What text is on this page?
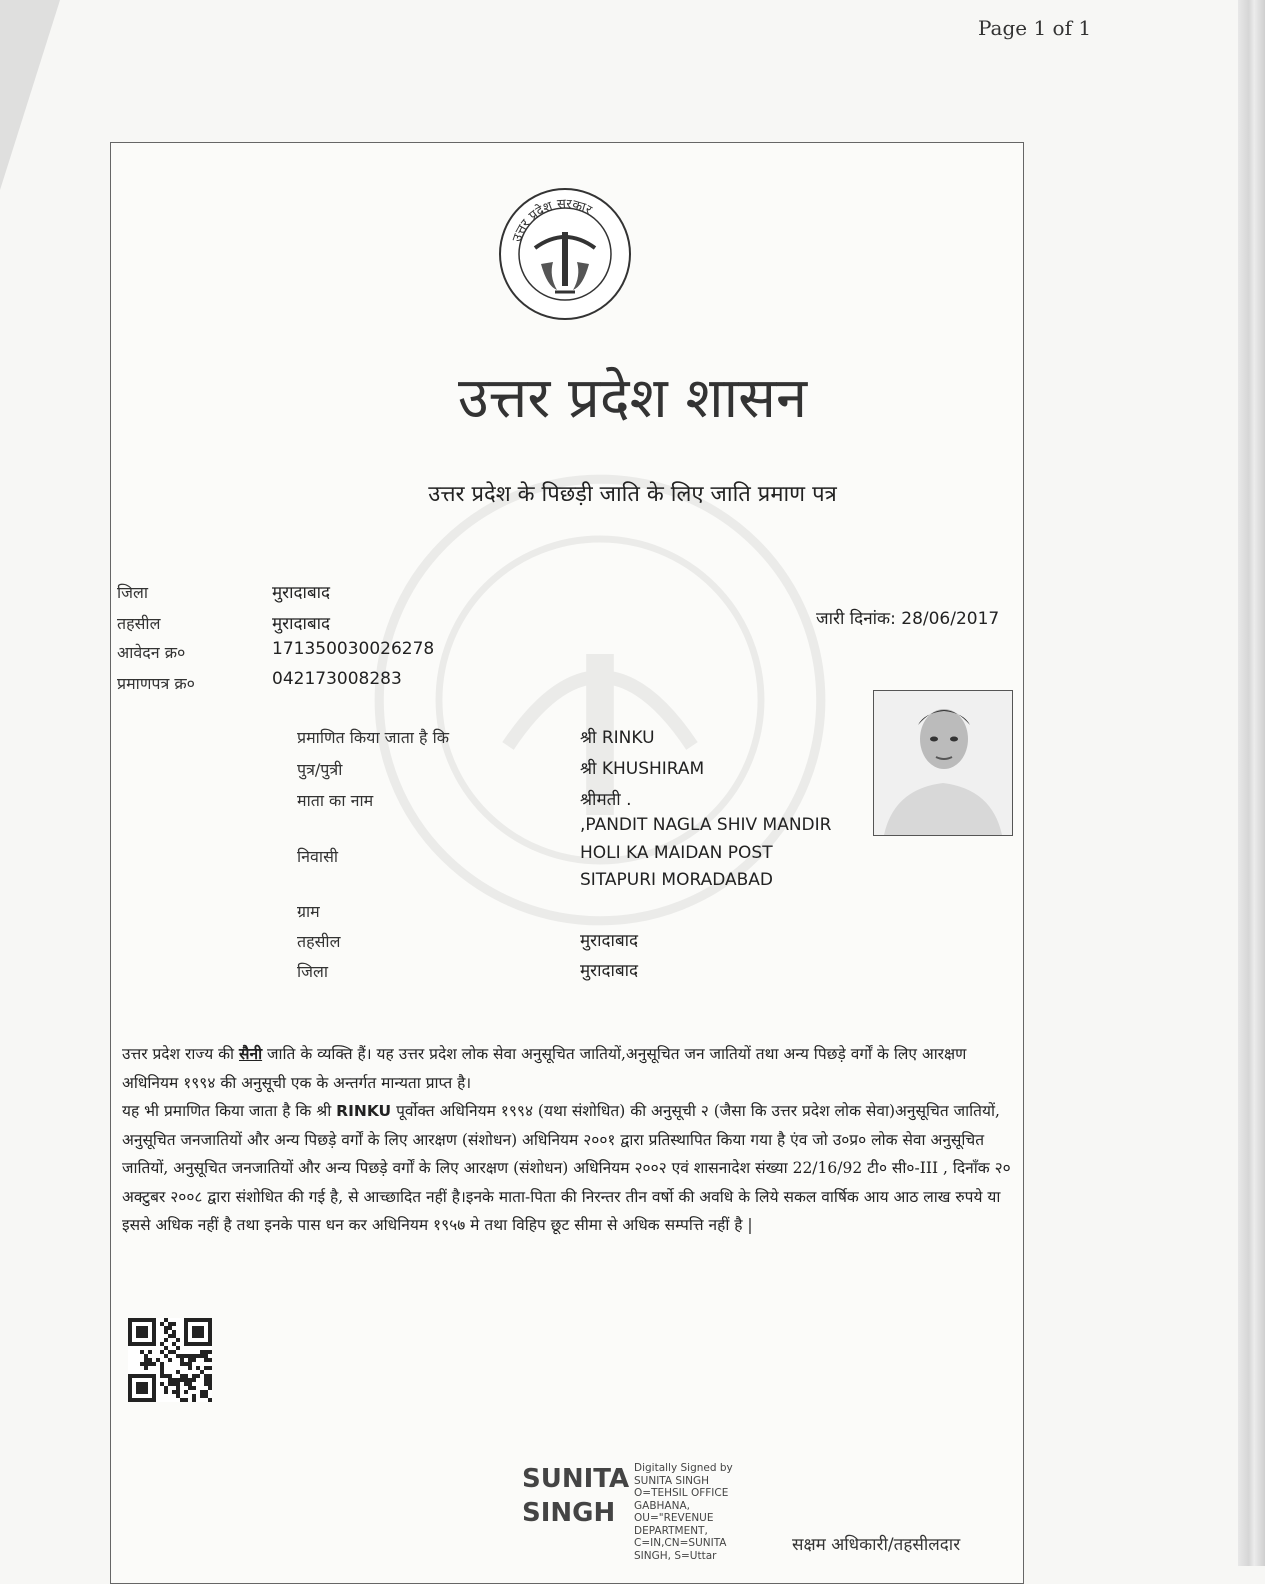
Page 1 of 1
उत्तर प्रदेश सरकार
उत्तर प्रदेश शासन
उत्तर प्रदेश के पिछड़ी जाति के लिए जाति प्रमाण पत्र
जिला	मुरादाबाद
तहसील	मुरादाबाद
आवेदन क्र०	171350030026278
प्रमाणपत्र क्र०	042173008283
जारी दिनांक: 28/06/2017
प्रमाणित किया जाता है कि	श्री RINKU
पुत्र/पुत्री	श्री KHUSHIRAM
माता का नाम	श्रीमती .
,PANDIT NAGLA SHIV MANDIR
निवासी	HOLI KA MAIDAN POST
SITAPURI MORADABAD
ग्राम
तहसील	मुरादाबाद
जिला	मुरादाबाद
उत्तर प्रदेश राज्य की सैनी जाति के व्यक्ति हैं। यह उत्तर प्रदेश लोक सेवा अनुसूचित जातियों,अनुसूचित जन जातियों तथा अन्य पिछड़े वर्गों के लिए आरक्षण अधिनियम १९९४ की अनुसूची एक के अन्तर्गत मान्यता प्राप्त है।
यह भी प्रमाणित किया जाता है कि श्री RINKU पूर्वोक्त अधिनियम १९९४ (यथा संशोधित) की अनुसूची २ (जैसा कि उत्तर प्रदेश लोक सेवा)अनुसूचित जातियों, अनुसूचित जनजातियों और अन्य पिछड़े वर्गों के लिए आरक्षण (संशोधन) अधिनियम २००१ द्वारा प्रतिस्थापित किया गया है एंव जो उ०प्र० लोक सेवा अनुसूचित जातियों, अनुसूचित जनजातियों और अन्य पिछड़े वर्गों के लिए आरक्षण (संशोधन) अधिनियम २००२ एवं शासनादेश संख्या 22/16/92 टी० सी०-III , दिनाँक २० अक्टुबर २००८ द्वारा संशोधित की गई है, से आच्छादित नहीं है।इनके माता-पिता की निरन्तर तीन वर्षो की अवधि के लिये सकल वार्षिक आय आठ लाख रुपये या इससे अधिक नहीं है तथा इनके पास धन कर अधिनियम १९५७ मे तथा विहिप छूट सीमा से अधिक सम्पत्ति नहीं है |
SUNITA
SINGH
Digitally Signed by
SUNITA SINGH
O=TEHSIL OFFICE
GABHANA,
OU="REVENUE
DEPARTMENT,
C=IN,CN=SUNITA
SINGH, S=Uttar
सक्षम अधिकारी/तहसीलदार
